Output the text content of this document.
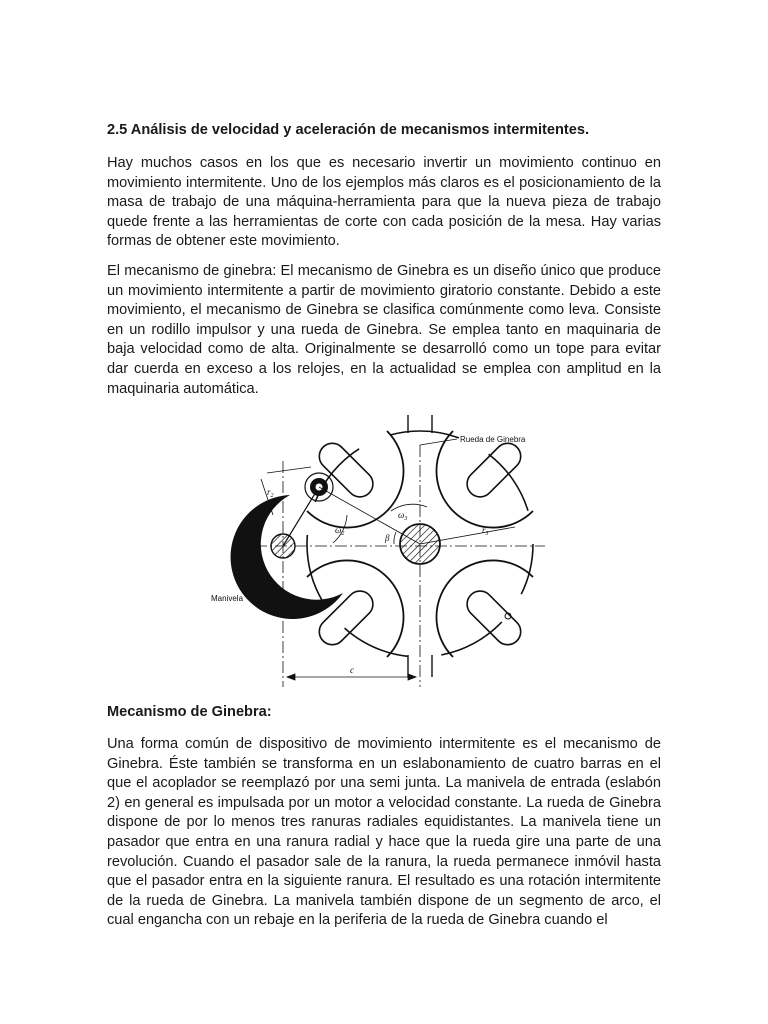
2.5 Análisis de velocidad y aceleración de mecanismos intermitentes.
Hay muchos casos en los que es necesario invertir un movimiento continuo en movimiento intermitente. Uno de los ejemplos más claros es el posicionamiento de la masa de trabajo de una máquina-herramienta para que la nueva pieza de trabajo quede frente a las herramientas de corte con cada posición de la mesa. Hay varias formas de obtener este movimiento.
El mecanismo de ginebra: El mecanismo de Ginebra es un diseño único que produce un movimiento intermitente a partir de movimiento giratorio constante. Debido a este movimiento, el mecanismo de Ginebra se clasifica comúnmente como leva. Consiste en un rodillo impulsor y una rueda de Ginebra. Se emplea tanto en maquinaria de baja velocidad como de alta. Originalmente se desarrolló como un tope para evitar dar cuerda en exceso a los relojes, en la actualidad se emplea con amplitud en la maquinaria automática.
Rueda de Ginebra
Manivela
$r_2$
$r_3$
$\omega_2$
$\omega_3$
β
c
Mecanismo de Ginebra:
Una forma común de dispositivo de movimiento intermitente es el mecanismo de Ginebra. Éste también se transforma en un eslabonamiento de cuatro barras en el que el acoplador se reemplazó por una semi junta. La manivela de entrada (eslabón 2) en general es impulsada por un motor a velocidad constante. La rueda de Ginebra dispone de por lo menos tres ranuras radiales equidistantes. La manivela tiene un pasador que entra en una ranura radial y hace que la rueda gire una parte de una revolución. Cuando el pasador sale de la ranura, la rueda permanece inmóvil hasta que el pasador entra en la siguiente ranura. El resultado es una rotación intermitente de la rueda de Ginebra. La manivela también dispone de un segmento de arco, el cual engancha con un rebaje en la periferia de la rueda de Ginebra cuando el
